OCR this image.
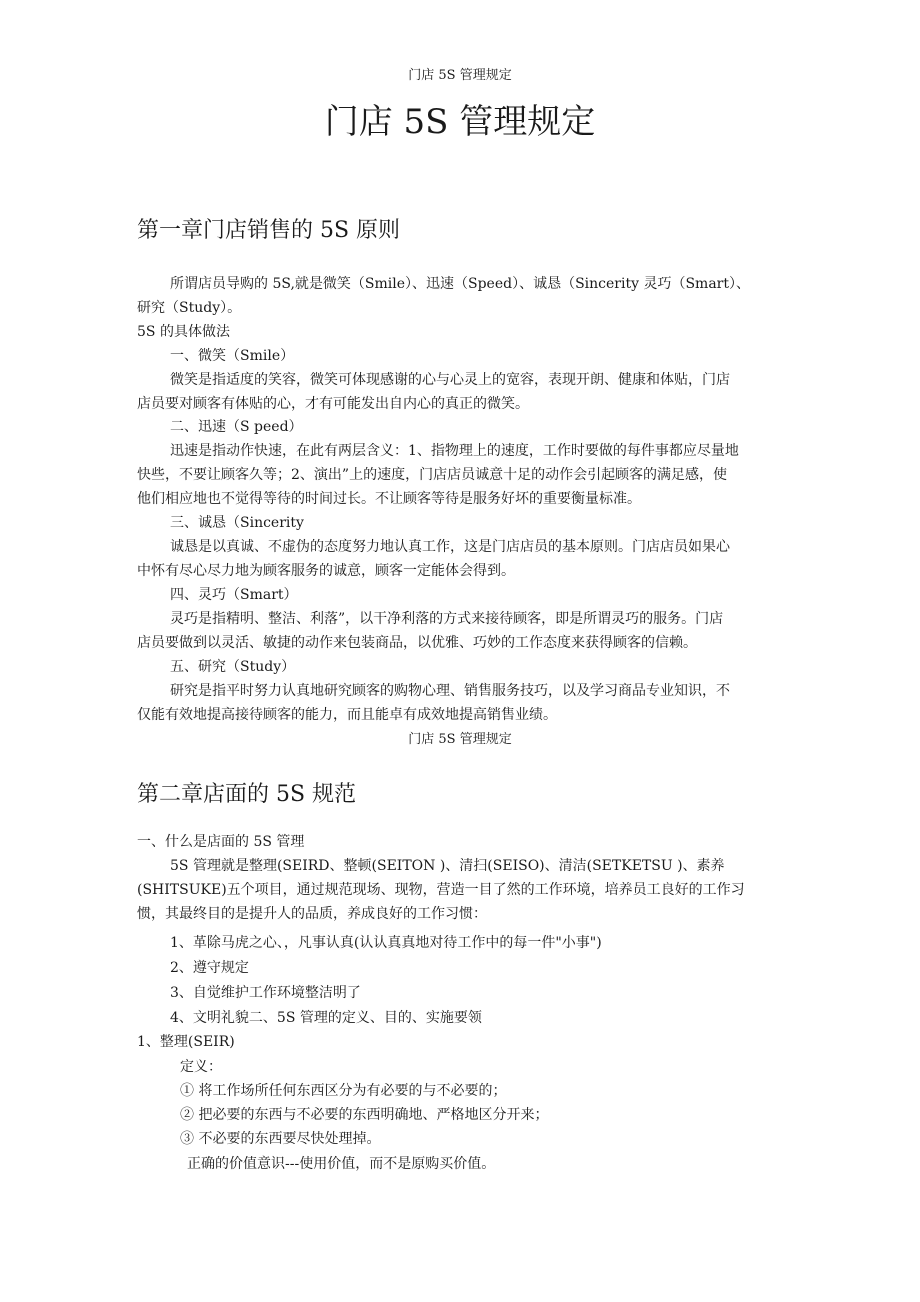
门店 5S 管理规定
门店 5S 管理规定
第一章门店销售的 5S 原则
所谓店员导购的 5S,就是微笑（Smile）、迅速（Speed）、诚恳（Sincerity 灵巧（Smart）、
研究（Study）。
5S 的具体做法
一、微笑（Smile）
微笑是指适度的笑容，微笑可体现感谢的心与心灵上的宽容，表现开朗、健康和体贴，门店
店员要对顾客有体贴的心，才有可能发出自内心的真正的微笑。
二、迅速（S peed）
迅速是指动作快速，在此有两层含义：1、指物理上的速度，工作时要做的每件事都应尽量地
快些，不要让顾客久等；2、演出”上的速度，门店店员诚意十足的动作会引起顾客的满足感，使
他们相应地也不觉得等待的时间过长。不让顾客等待是服务好坏的重要衡量标准。
三、诚恳（Sincerity
诚恳是以真诚、不虚伪的态度努力地认真工作，这是门店店员的基本原则。门店店员如果心
中怀有尽心尽力地为顾客服务的诚意，顾客一定能体会得到。
四、灵巧（Smart）
灵巧是指精明、整洁、利落”，以干净利落的方式来接待顾客，即是所谓灵巧的服务。门店
店员要做到以灵活、敏捷的动作来包装商品，以优雅、巧妙的工作态度来获得顾客的信赖。
五、研究（Study）
研究是指平时努力认真地研究顾客的购物心理、销售服务技巧，以及学习商品专业知识，不
仅能有效地提高接待顾客的能力，而且能卓有成效地提高销售业绩。
门店 5S 管理规定
第二章店面的 5S 规范
一、什么是店面的 5S 管理
5S 管理就是整理(SEIRD、整顿(SEITON )、清扫(SEISO)、清洁(SETKETSU )、素养
(SHITSUKE)五个项目，通过规范现场、现物，营造一目了然的工作环境，培养员工良好的工作习
惯，其最终目的是提升人的品质，养成良好的工作习惯：
1、革除马虎之心、，凡事认真(认认真真地对待工作中的每一件"小事")
2、遵守规定
3、自觉维护工作环境整洁明了
4、文明礼貌二、5S 管理的定义、目的、实施要领
1、整理(SEIR)
定义：
① 将工作场所任何东西区分为有必要的与不必要的；
② 把必要的东西与不必要的东西明确地、严格地区分开来；
③ 不必要的东西要尽快处理掉。
正确的价值意识---使用价值，而不是原购买价值。
